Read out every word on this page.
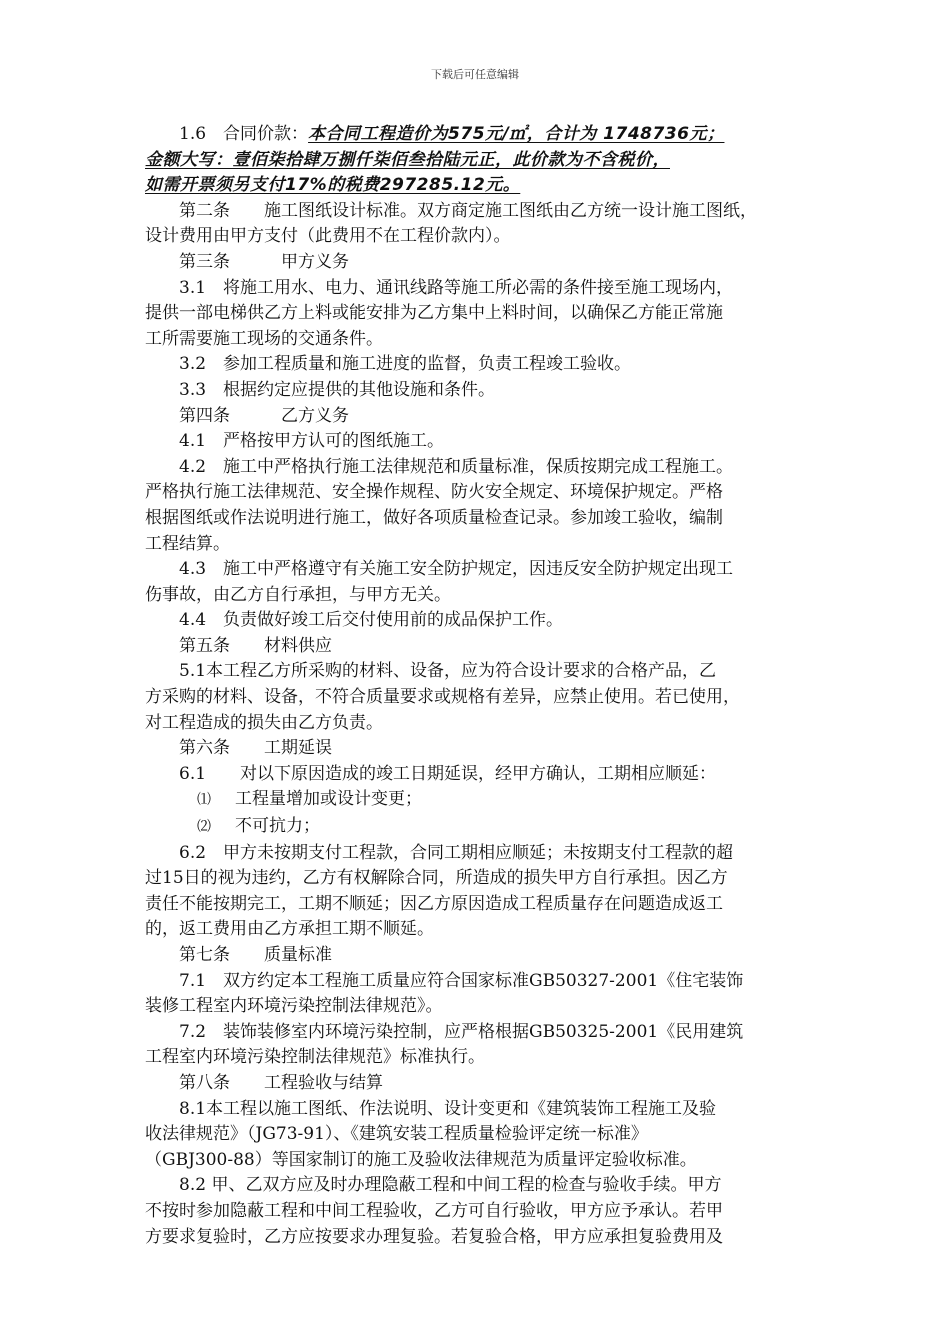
下载后可任意编辑
1.6　合同价款：本合同工程造价为575元/㎡，合计为 1748736元；
金额大写：壹佰柒拾肆万捌仟柒佰叁拾陆元正，此价款为不含税价，
如需开票须另支付17%的税费297285.12元。
第二条　　施工图纸设计标准。双方商定施工图纸由乙方统一设计施工图纸，
设计费用由甲方支付（此费用不在工程价款内）。
第三条　　　甲方义务
3.1　将施工用水、电力、通讯线路等施工所必需的条件接至施工现场内，
提供一部电梯供乙方上料或能安排为乙方集中上料时间，以确保乙方能正常施
工所需要施工现场的交通条件。
3.2　参加工程质量和施工进度的监督，负责工程竣工验收。
3.3　根据约定应提供的其他设施和条件。
第四条　　　乙方义务
4.1　严格按甲方认可的图纸施工。
4.2　施工中严格执行施工法律规范和质量标准，保质按期完成工程施工。
严格执行施工法律规范、安全操作规程、防火安全规定、环境保护规定。严格
根据图纸或作法说明进行施工，做好各项质量检查记录。参加竣工验收，编制
工程结算。
4.3　施工中严格遵守有关施工安全防护规定，因违反安全防护规定出现工
伤事故，由乙方自行承担，与甲方无关。
4.4　负责做好竣工后交付使用前的成品保护工作。
第五条　　材料供应
5.1本工程乙方所采购的材料、设备，应为符合设计要求的合格产品，乙
方采购的材料、设备，不符合质量要求或规格有差异，应禁止使用。若已使用，
对工程造成的损失由乙方负责。
第六条　　工期延误
6.1　　对以下原因造成的竣工日期延误，经甲方确认，工期相应顺延：
⑴ 工程量增加或设计变更；
⑵ 不可抗力；
6.2　甲方未按期支付工程款，合同工期相应顺延；未按期支付工程款的超
过15日的视为违约，乙方有权解除合同，所造成的损失甲方自行承担。因乙方
责任不能按期完工，工期不顺延；因乙方原因造成工程质量存在问题造成返工
的，返工费用由乙方承担工期不顺延。
第七条　　质量标准
7.1　双方约定本工程施工质量应符合国家标准GB50327-2001《住宅装饰
装修工程室内环境污染控制法律规范》。
7.2　装饰装修室内环境污染控制，应严格根据GB50325-2001《民用建筑
工程室内环境污染控制法律规范》标准执行。
第八条　　工程验收与结算
8.1本工程以施工图纸、作法说明、设计变更和《建筑装饰工程施工及验
收法律规范》（JG73-91）、《建筑安装工程质量检验评定统一标准》
（GBJ300-88）等国家制订的施工及验收法律规范为质量评定验收标准。
8.2 甲、乙双方应及时办理隐蔽工程和中间工程的检查与验收手续。甲方
不按时参加隐蔽工程和中间工程验收，乙方可自行验收，甲方应予承认。若甲
方要求复验时，乙方应按要求办理复验。若复验合格，甲方应承担复验费用及
